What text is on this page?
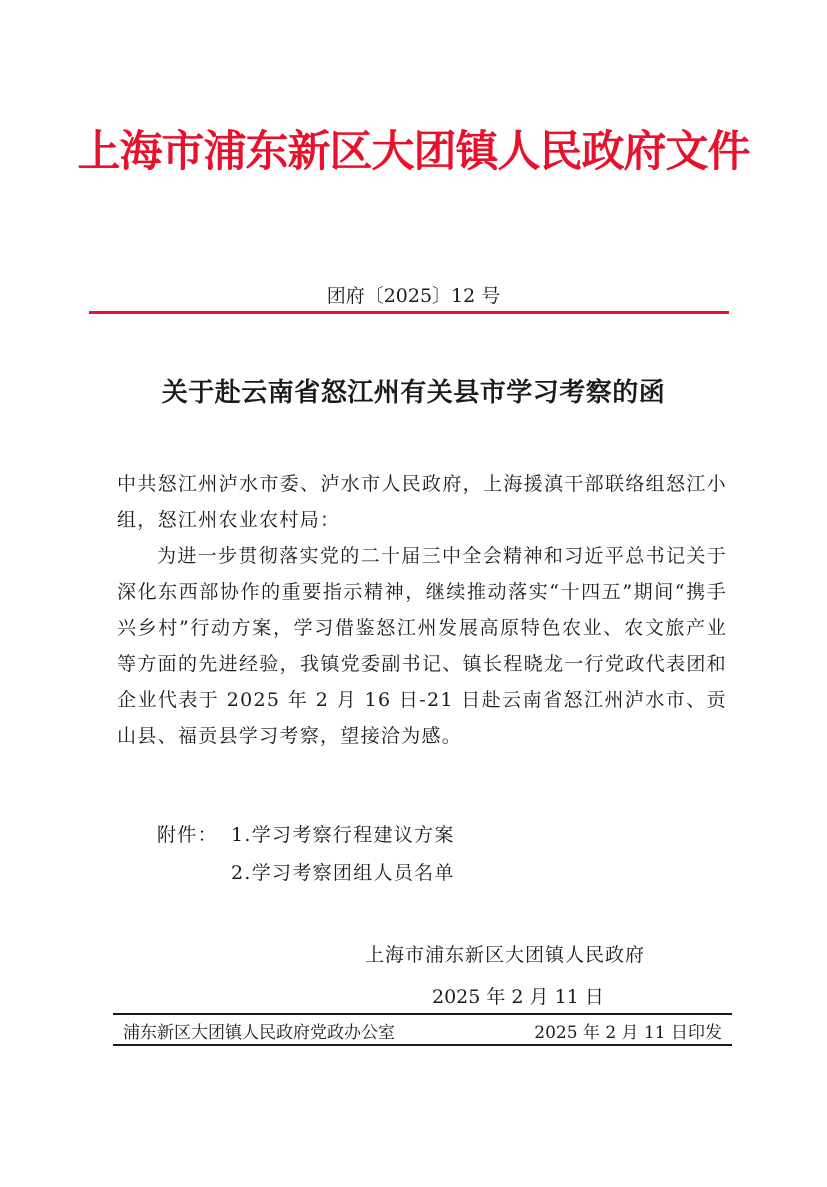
上海市浦东新区大团镇人民政府文件
团府〔2025〕12 号
关于赴云南省怒江州有关县市学习考察的函
中共怒江州泸水市委、泸水市人民政府，上海援滇干部联络组怒江小组，怒江州农业农村局：
为进一步贯彻落实党的二十届三中全会精神和习近平总书记关于深化东西部协作的重要指示精神，继续推动落实“十四五”期间“携手兴乡村”行动方案，学习借鉴怒江州发展高原特色农业、农文旅产业等方面的先进经验，我镇党委副书记、镇长程晓龙一行党政代表团和企业代表于 2025 年 2 月 16 日-21 日赴云南省怒江州泸水市、贡山县、福贡县学习考察，望接洽为感。
附件： 1.学习考察行程建议方案
2.学习考察团组人员名单
上海市浦东新区大团镇人民政府
2025 年 2 月 11 日
浦东新区大团镇人民政府党政办公室	2025 年 2 月 11 日印发
